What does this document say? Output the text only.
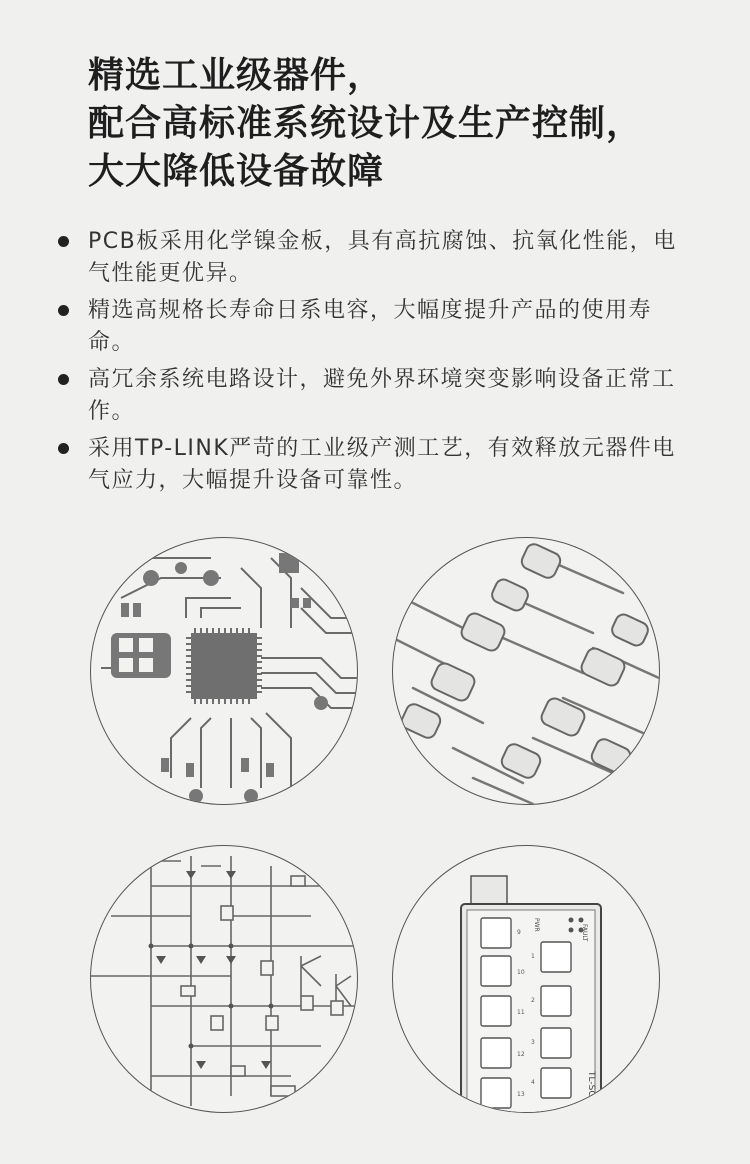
精选工业级器件，
配合高标准系统设计及生产控制，
大大降低设备故障
PCB板采用化学镍金板，具有高抗腐蚀、抗氧化性能，电气性能更优异。
精选高规格长寿命日系电容，大幅度提升产品的使用寿命。
高冗余系统电路设计，避免外界环境突变影响设备正常工作。
采用TP-LINK严苛的工业级产测工艺，有效释放元器件电气应力，大幅提升设备可靠性。
FAULT
PWR
TL-SG22
9
1
10
2
11
3
12
4
13
